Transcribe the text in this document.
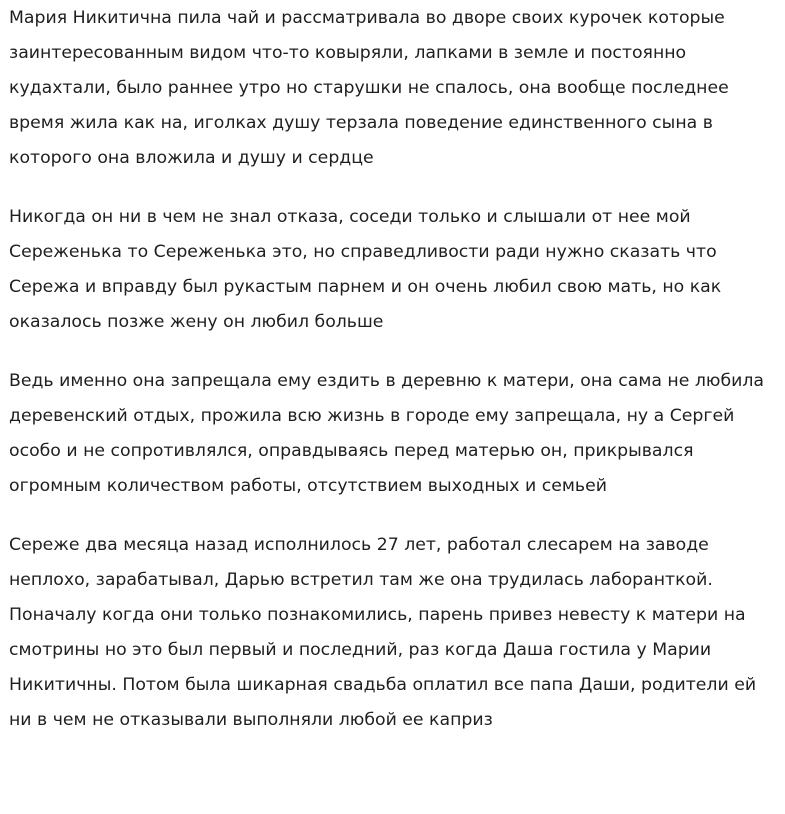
Мария Никитична пила чай и рассматривала во дворе своих курочек которые заинтересованным видом что-то ковыряли, лапками в земле и постоянно кудахтали, было раннее утро но старушки не спалось, она вообще последнее время жила как на, иголках душу терзала поведение единственного сына в которого она вложила и душу и сердце

Никогда он ни в чем не знал отказа, соседи только и слышали от нее мой Сереженька то Сереженька это, но справедливости ради нужно сказать что Сережа и вправду был рукастым парнем и он очень любил свою мать, но как оказалось позже жену он любил больше

Ведь именно она запрещала ему ездить в деревню к матери, она сама не любила деревенский отдых, прожила всю жизнь в городе ему запрещала, ну а Сергей особо и не сопротивлялся, оправдываясь перед матерью он, прикрывался огромным количеством работы, отсутствием выходных и семьей

Сереже два месяца назад исполнилось 27 лет, работал слесарем на заводе неплохо, зарабатывал, Дарью встретил там же она трудилась лаборанткой. Поначалу когда они только познакомились, парень привез невесту к матери на смотрины но это был первый и последний, раз когда Даша гостила у Марии Никитичны. Потом была шикарная свадьба оплатил все папа Даши, родители ей ни в чем не отказывали выполняли любой ее каприз
